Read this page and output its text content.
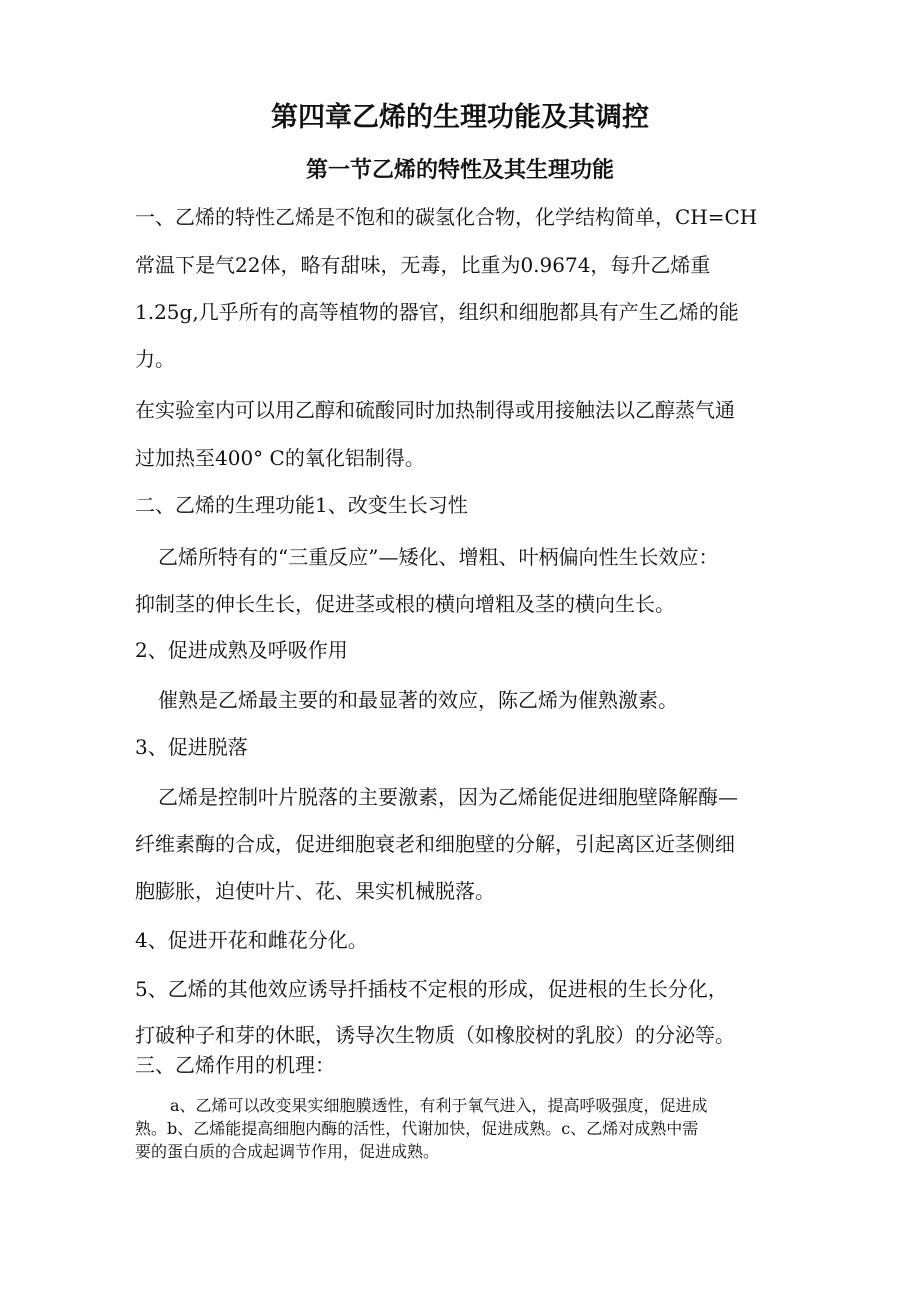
第四章乙烯的生理功能及其调控
第一节乙烯的特性及其生理功能
一、乙烯的特性乙烯是不饱和的碳氢化合物，化学结构简单，CH=CH
常温下是气22体，略有甜味，无毒，比重为0.9674，每升乙烯重
1.25g,几乎所有的高等植物的器官，组织和细胞都具有产生乙烯的能
力。
在实验室内可以用乙醇和硫酸同时加热制得或用接触法以乙醇蒸气通
过加热至400° C的氧化铝制得。
二、乙烯的生理功能1、改变生长习性
乙烯所特有的“三重反应”—矮化、增粗、叶柄偏向性生长效应：
抑制茎的伸长生长，促进茎或根的横向增粗及茎的横向生长。
2、促进成熟及呼吸作用
催熟是乙烯最主要的和最显著的效应，陈乙烯为催熟激素。
3、促进脱落
乙烯是控制叶片脱落的主要激素，因为乙烯能促进细胞壁降解酶—
纤维素酶的合成，促进细胞衰老和细胞壁的分解，引起离区近茎侧细
胞膨胀，迫使叶片、花、果实机械脱落。
4、促进开花和雌花分化。
5、乙烯的其他效应诱导扦插枝不定根的形成，促进根的生长分化，
打破种子和芽的休眠，诱导次生物质（如橡胶树的乳胶）的分泌等。
三、乙烯作用的机理：
a、乙烯可以改变果实细胞膜透性，有利于氧气进入，提高呼吸强度，促进成
熟。b、乙烯能提高细胞内酶的活性，代谢加快，促进成熟。c、乙烯对成熟中需
要的蛋白质的合成起调节作用，促进成熟。
